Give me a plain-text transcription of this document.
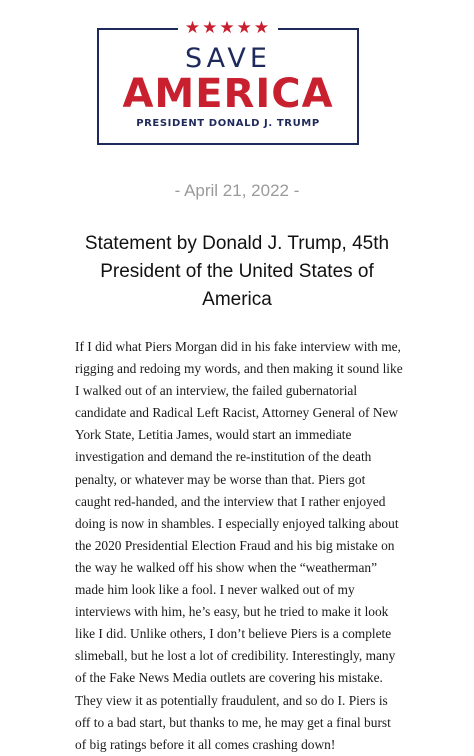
★★★★★
SAVE
AMERICA
PRESIDENT DONALD J. TRUMP
- April 21, 2022 -
Statement by Donald J. Trump, 45th President of the United States of America

If I did what Piers Morgan did in his fake interview with me, rigging and redoing my words, and then making it sound like I walked out of an interview, the failed gubernatorial candidate and Radical Left Racist, Attorney General of New York State, Letitia James, would start an immediate investigation and demand the re-institution of the death penalty, or whatever may be worse than that. Piers got caught red-handed, and the interview that I rather enjoyed doing is now in shambles. I especially enjoyed talking about the 2020 Presidential Election Fraud and his big mistake on the way he walked off his show when the “weatherman” made him look like a fool. I never walked out of my interviews with him, he’s easy, but he tried to make it look like I did. Unlike others, I don’t believe Piers is a complete slimeball, but he lost a lot of credibility. Interestingly, many of the Fake News Media outlets are covering his mistake. They view it as potentially fraudulent, and so do I. Piers is off to a bad start, but thanks to me, he may get a final burst of big ratings before it all comes crashing down!
